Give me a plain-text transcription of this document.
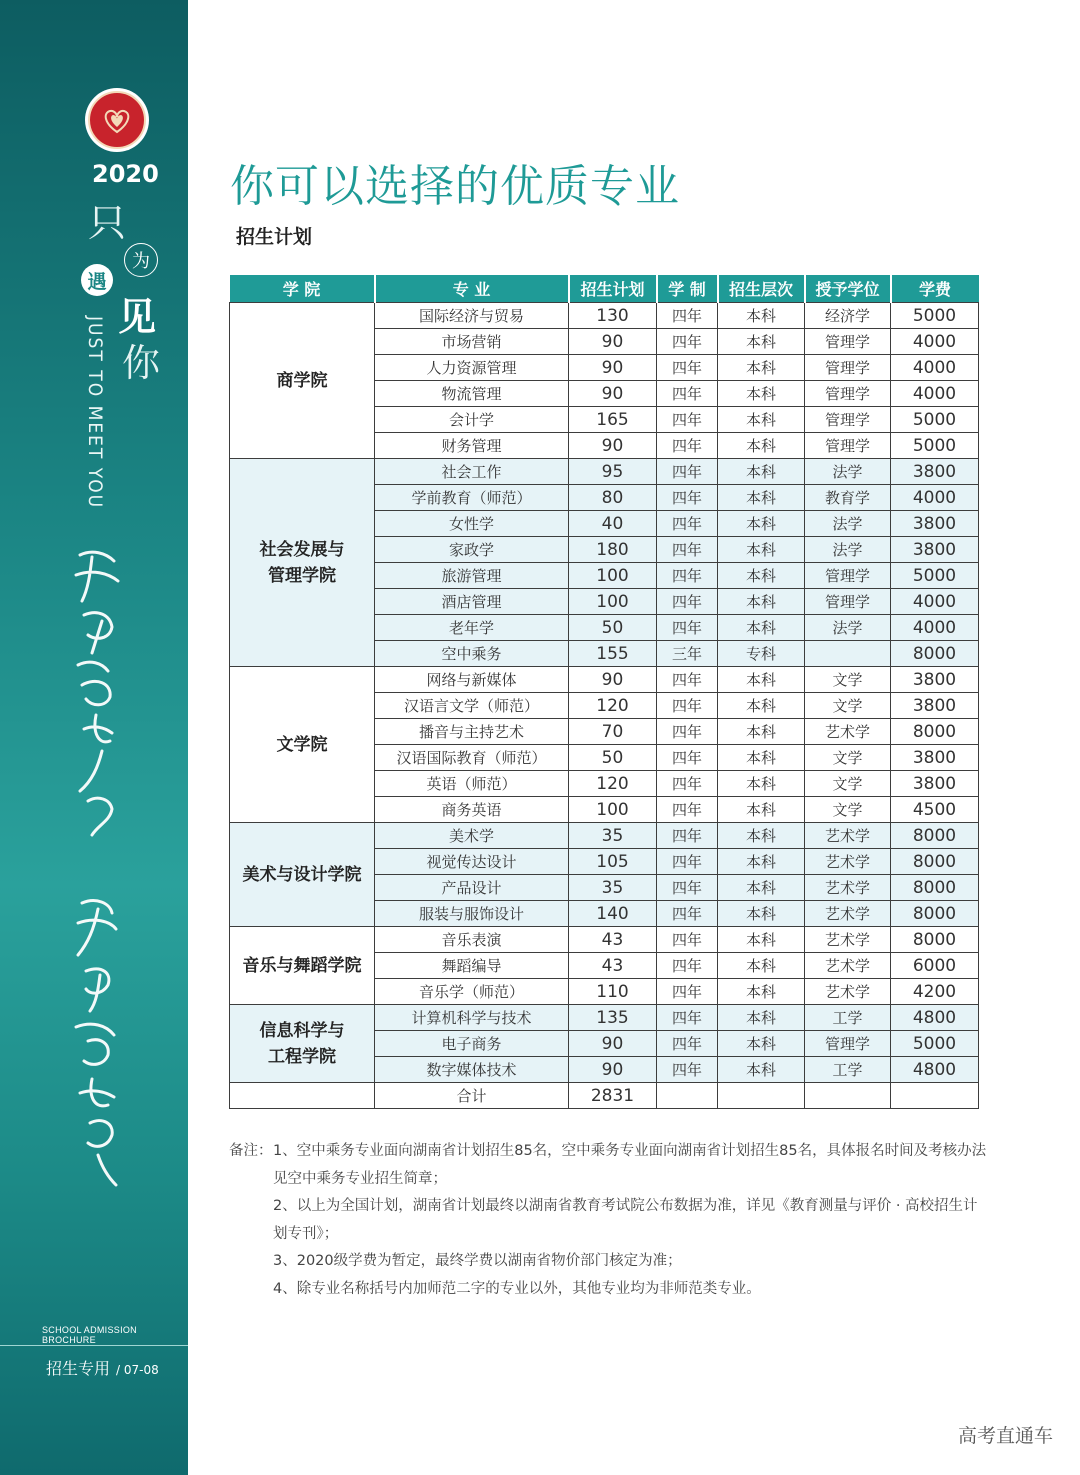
2020
只
为
遇
见
你
JUST TO MEET YOU
SCHOOL ADMISSION BROCHURE
招生专用 / 07-08
你可以选择的优质专业
招生计划
学 院	专 业	招生计划	学 制	招生层次	授予学位	学费

商学院	国际经济与贸易	130	四年	本科	经济学	5000
	市场营销	90	四年	本科	管理学	4000
	人力资源管理	90	四年	本科	管理学	4000
	物流管理	90	四年	本科	管理学	4000
	会计学	165	四年	本科	管理学	5000
	财务管理	90	四年	本科	管理学	5000

社会发展与
管理学院	社会工作	95	四年	本科	法学	3800
	学前教育（师范）	80	四年	本科	教育学	4000
	女性学	40	四年	本科	法学	3800
	家政学	180	四年	本科	法学	3800
	旅游管理	100	四年	本科	管理学	5000
	酒店管理	100	四年	本科	管理学	4000
	老年学	50	四年	本科	法学	4000
	空中乘务	155	三年	专科		8000

文学院	网络与新媒体	90	四年	本科	文学	3800
	汉语言文学（师范）	120	四年	本科	文学	3800
	播音与主持艺术	70	四年	本科	艺术学	8000
	汉语国际教育（师范）	50	四年	本科	文学	3800
	英语（师范）	120	四年	本科	文学	3800
	商务英语	100	四年	本科	文学	4500

美术与设计学院	美术学	35	四年	本科	艺术学	8000
	视觉传达设计	105	四年	本科	艺术学	8000
	产品设计	35	四年	本科	艺术学	8000
	服装与服饰设计	140	四年	本科	艺术学	8000

音乐与舞蹈学院	音乐表演	43	四年	本科	艺术学	8000
	舞蹈编导	43	四年	本科	艺术学	6000
	音乐学（师范）	110	四年	本科	艺术学	4200

信息科学与
工程学院	计算机科学与技术	135	四年	本科	工学	4800
	电子商务	90	四年	本科	管理学	5000
	数字媒体技术	90	四年	本科	工学	4800
	合计	2831				
备注： 1、空中乘务专业面向湖南省计划招生85名，空中乘务专业面向湖南省计划招生85名，具体报名时间及考核办法见空中乘务专业招生简章；
2、以上为全国计划，湖南省计划最终以湖南省教育考试院公布数据为准，详见《教育测量与评价 · 高校招生计划专刊》；
3、2020级学费为暂定，最终学费以湖南省物价部门核定为准；
4、除专业名称括号内加师范二字的专业以外，其他专业均为非师范类专业。
高考直通车
